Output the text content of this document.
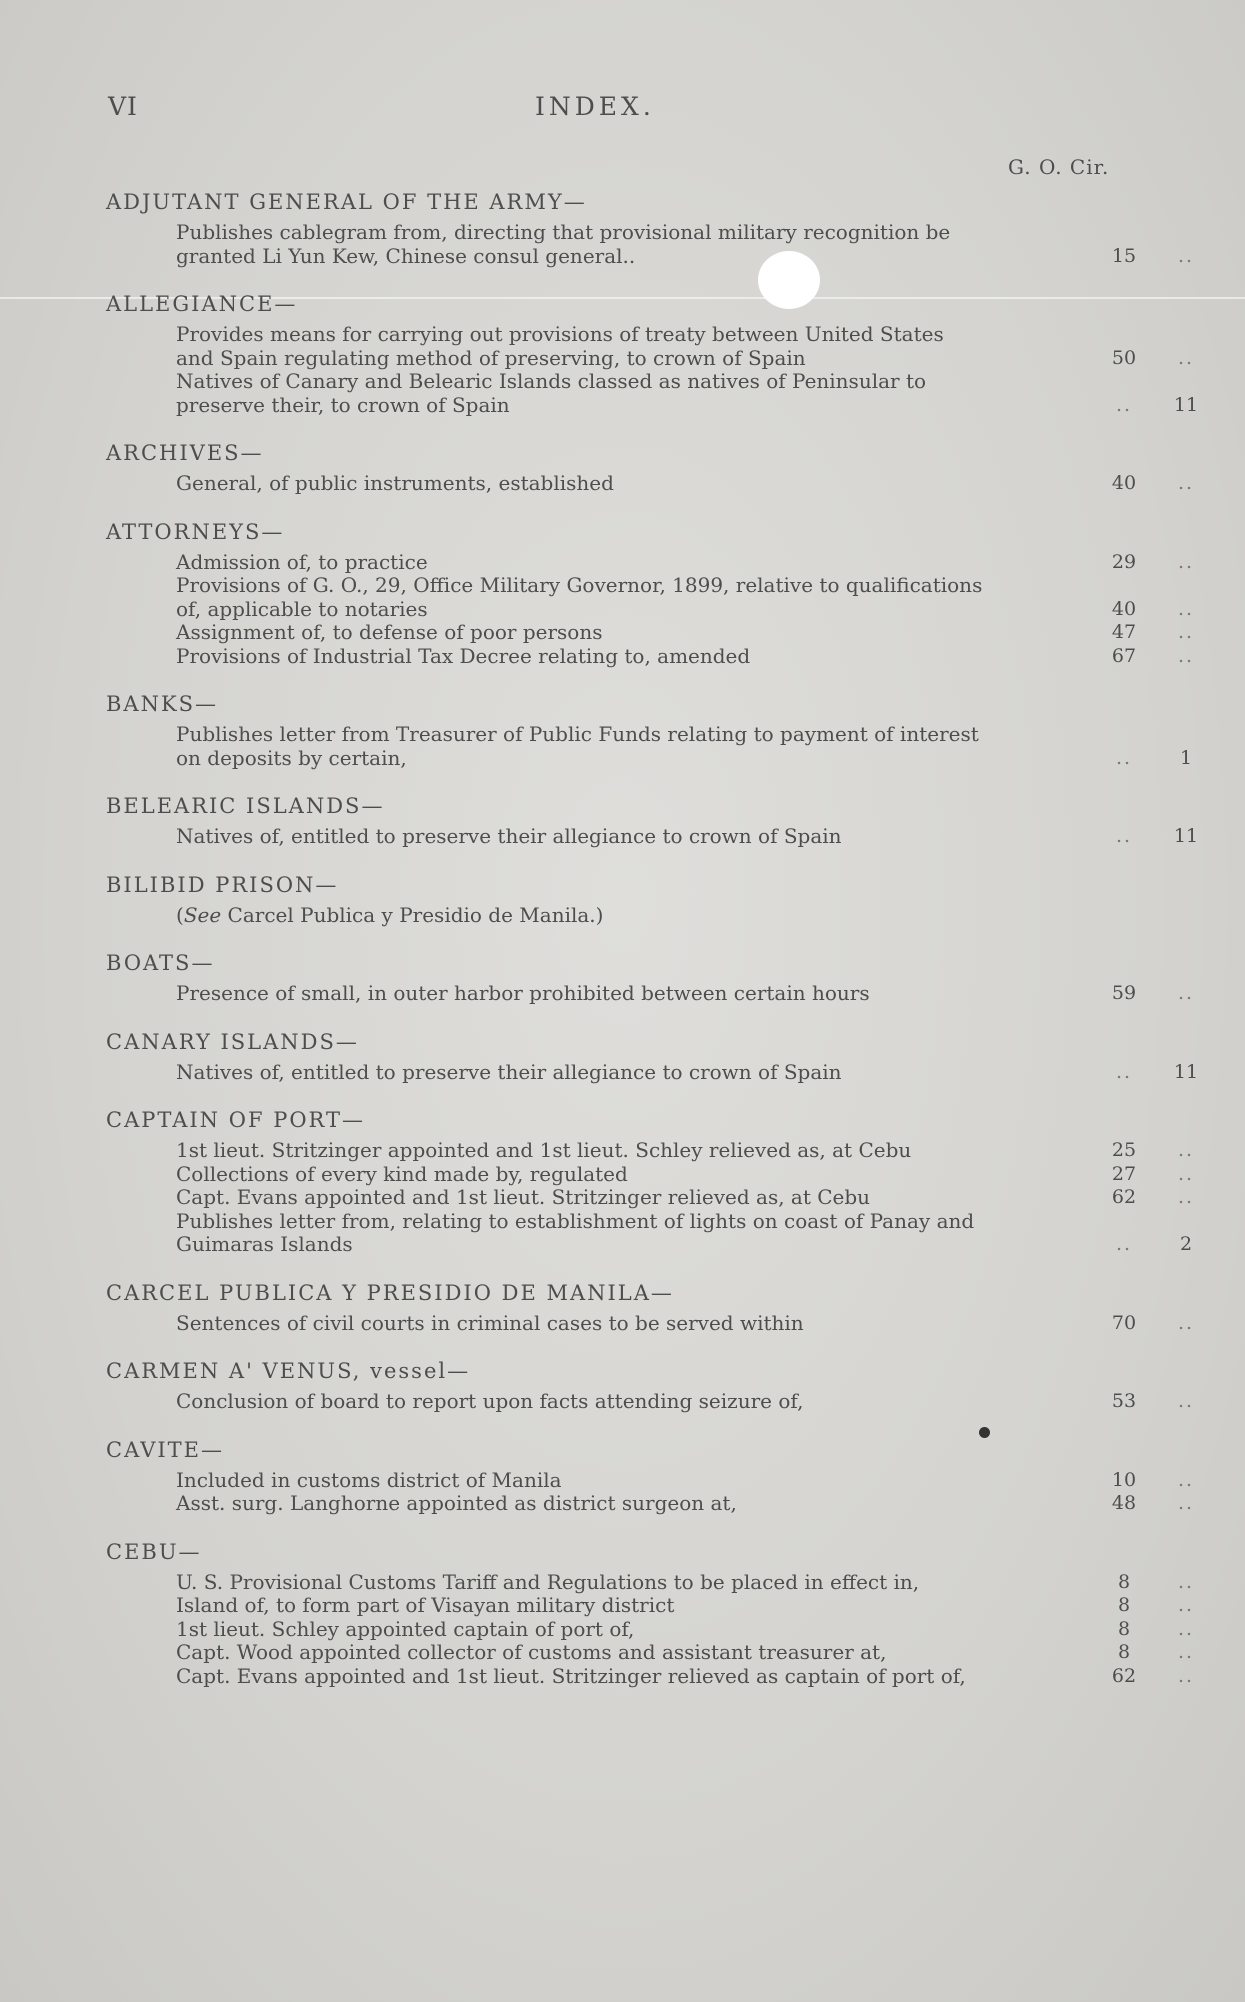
VI	INDEX.
G. O. Cir.
ADJUTANT GENERAL OF THE ARMY—
Publishes cablegram from, directing that provisional military recognition be granted Li Yun Kew, Chinese consul general..	15	..
ALLEGIANCE—
Provides means for carrying out provisions of treaty between United States and Spain regulating method of preserving, to crown of Spain	50	..
Natives of Canary and Belearic Islands classed as natives of Peninsular to preserve their, to crown of Spain	..	11
ARCHIVES—
General, of public instruments, established	40	..
ATTORNEYS—
Admission of, to practice	29	..
Provisions of G. O., 29, Office Military Governor, 1899, relative to qualifications of, applicable to notaries	40	..
Assignment of, to defense of poor persons	47	..
Provisions of Industrial Tax Decree relating to, amended	67	..
BANKS—
Publishes letter from Treasurer of Public Funds relating to payment of interest on deposits by certain,	..	1
BELEARIC ISLANDS—
Natives of, entitled to preserve their allegiance to crown of Spain	..	11
BILIBID PRISON—
(See Carcel Publica y Presidio de Manila.)
BOATS—
Presence of small, in outer harbor prohibited between certain hours	59	..
CANARY ISLANDS—
Natives of, entitled to preserve their allegiance to crown of Spain	..	11
CAPTAIN OF PORT—
1st lieut. Stritzinger appointed and 1st lieut. Schley relieved as, at Cebu	25	..
Collections of every kind made by, regulated	27	..
Capt. Evans appointed and 1st lieut. Stritzinger relieved as, at Cebu	62	..
Publishes letter from, relating to establishment of lights on coast of Panay and Guimaras Islands	..	2
CARCEL PUBLICA Y PRESIDIO DE MANILA—
Sentences of civil courts in criminal cases to be served within	70	..
CARMEN A' VENUS, vessel—
Conclusion of board to report upon facts attending seizure of,	53	..
CAVITE—
Included in customs district of Manila	10	..
Asst. surg. Langhorne appointed as district surgeon at,	48	..
CEBU—
U. S. Provisional Customs Tariff and Regulations to be placed in effect in,	8	..
Island of, to form part of Visayan military district	8	..
1st lieut. Schley appointed captain of port of,	8	..
Capt. Wood appointed collector of customs and assistant treasurer at,	8	..
Capt. Evans appointed and 1st lieut. Stritzinger relieved as captain of port of,	62	..
